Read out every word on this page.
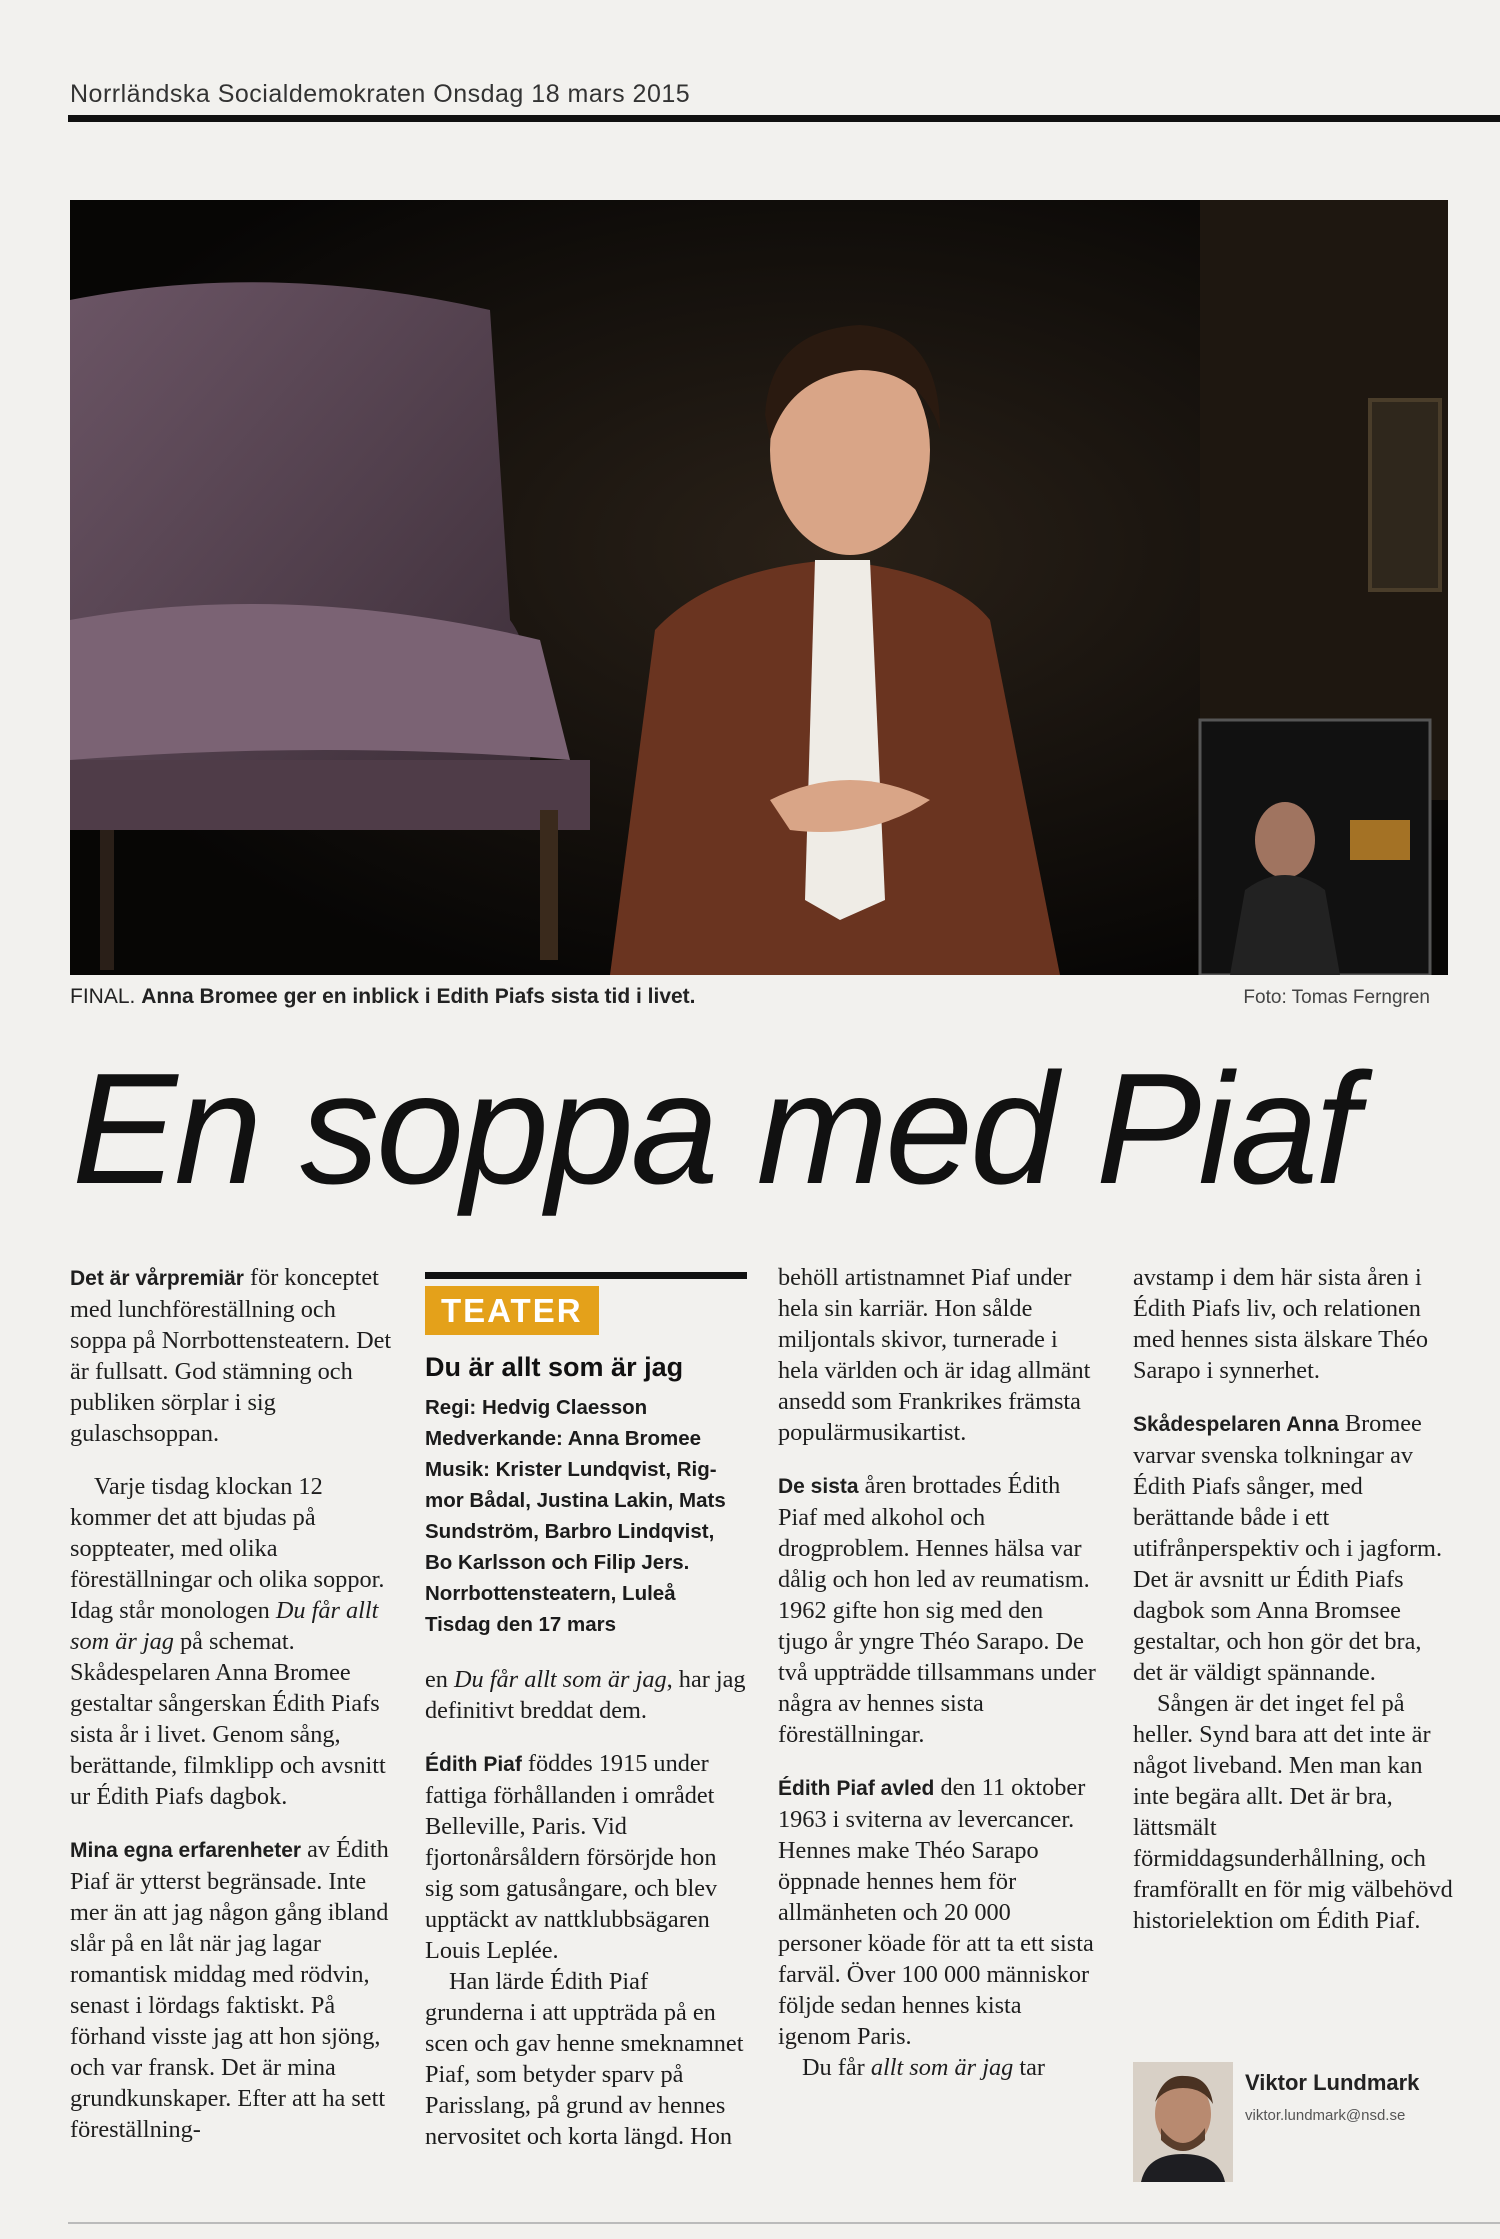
Norrländska Socialdemokraten Onsdag 18 mars 2015
FINAL. Anna Bromee ger en inblick i Edith Piafs sista tid i livet.	Foto: Tomas Ferngren
En soppa med Piaf

Det är vårpremiär för konceptet med lunchföreställning och soppa på Norrbottensteatern. Det är fullsatt. God stämning och publiken sörplar i sig gulaschsoppan.

Varje tisdag klockan 12 kommer det att bjudas på soppteater, med olika föreställningar och olika soppor. Idag står monologen Du får allt som är jag på schemat. Skådespelaren Anna Bromee gestaltar sångerskan Édith Piafs sista år i livet. Genom sång, berättande, filmklipp och avsnitt ur Édith Piafs dagbok.

Mina egna erfarenheter av Édith Piaf är ytterst begränsade. Inte mer än att jag någon gång ibland slår på en låt när jag lagar romantisk middag med rödvin, senast i lördags faktiskt. På förhand visste jag att hon sjöng, och var fransk. Det är mina grundkunskaper. Efter att ha sett föreställning-

TEATER
Du är allt som är jag
Regi: Hedvig Claesson
Medverkande: Anna Bromee
Musik: Krister Lundqvist, Rig-
mor Bådal, Justina Lakin, Mats
Sundström, Barbro Lindqvist,
Bo Karlsson och Filip Jers.
Norrbottensteatern, Luleå
Tisdag den 17 mars

en Du får allt som är jag, har jag definitivt breddat dem.

Édith Piaf föddes 1915 under fattiga förhållanden i området Belleville, Paris. Vid fjortonårsåldern försörjde hon sig som gatusångare, och blev upptäckt av nattklubbsägaren Louis Leplée.

Han lärde Édith Piaf grunderna i att uppträda på en scen och gav henne smeknamnet Piaf, som betyder sparv på Parisslang, på grund av hennes nervositet och korta längd. Hon

behöll artistnamnet Piaf under hela sin karriär. Hon sålde miljontals skivor, turnerade i hela världen och är idag allmänt ansedd som Frankrikes främsta populärmusikartist.

De sista åren brottades Édith Piaf med alkohol och drogproblem. Hennes hälsa var dålig och hon led av reumatism. 1962 gifte hon sig med den tjugo år yngre Théo Sarapo. De två uppträdde tillsammans under några av hennes sista föreställningar.

Édith Piaf avled den 11 oktober 1963 i sviterna av levercancer. Hennes make Théo Sarapo öppnade hennes hem för allmänheten och 20 000 personer köade för att ta ett sista farväl. Över 100 000 människor följde sedan hennes kista igenom Paris.

Du får allt som är jag tar

avstamp i dem här sista åren i Édith Piafs liv, och relationen med hennes sista älskare Théo Sarapo i synnerhet.

Skådespelaren Anna Bromee varvar svenska tolkningar av Édith Piafs sånger, med berättande både i ett utifrånperspektiv och i jagform. Det är avsnitt ur Édith Piafs dagbok som Anna Bromsee gestaltar, och hon gör det bra, det är väldigt spännande.

Sången är det inget fel på heller. Synd bara att det inte är något liveband. Men man kan inte begära allt. Det är bra, lättsmält förmiddagsunderhållning, och framförallt en för mig välbehövd historielektion om Édith Piaf.

Viktor Lundmark
viktor.lundmark@nsd.se
